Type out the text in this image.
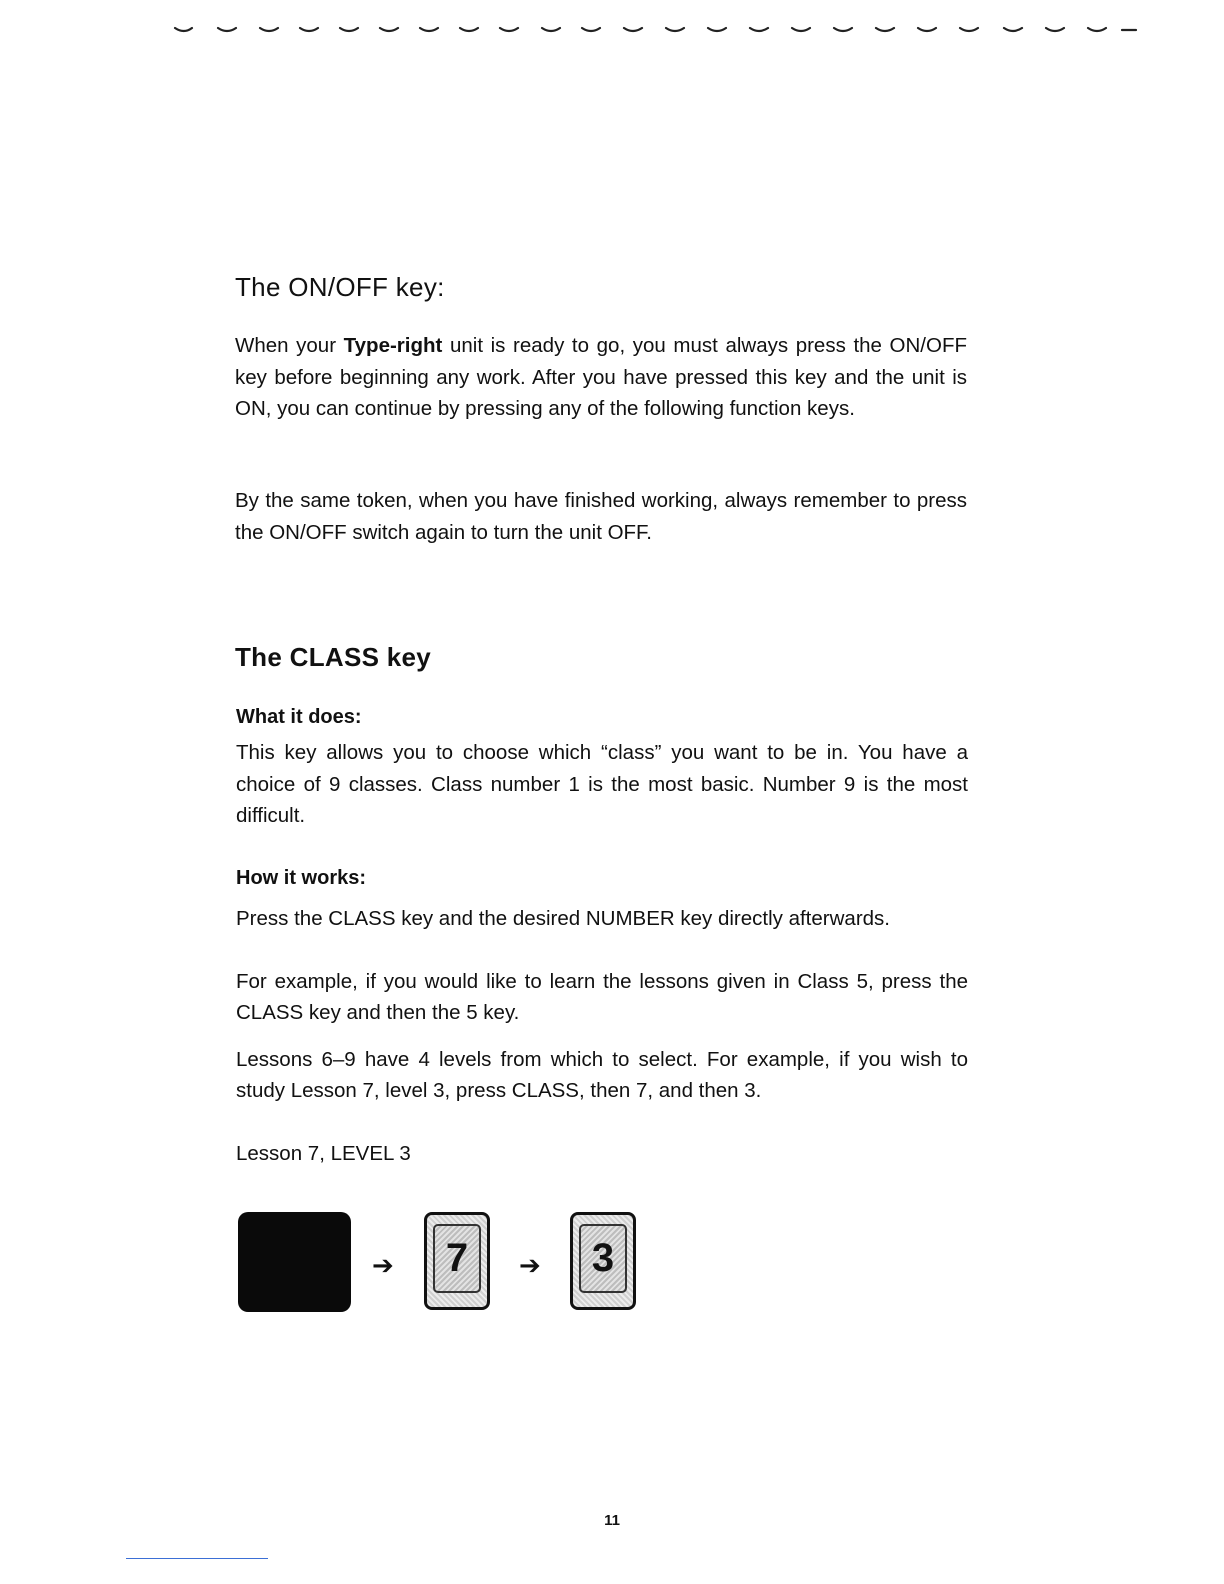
The ON/OFF key:

When your Type-right unit is ready to go, you must always press the ON/OFF key before beginning any work. After you have pressed this key and the unit is ON, you can continue by pressing any of the following function keys.

By the same token, when you have finished working, always remember to press the ON/OFF switch again to turn the unit OFF.

The CLASS key

What it does:

This key allows you to choose which “class” you want to be in. You have a choice of 9 classes. Class number 1 is the most basic. Number 9 is the most difficult.

How it works:

Press the CLASS key and the desired NUMBER key directly afterwards.

For example, if you would like to learn the lessons given in Class 5, press the CLASS key and then the 5 key.

Lessons 6–9 have 4 levels from which to select. For example, if you wish to study Lesson 7, level 3, press CLASS, then 7, and then 3.

Lesson 7, LEVEL 3

➔	7	➔	3
11
